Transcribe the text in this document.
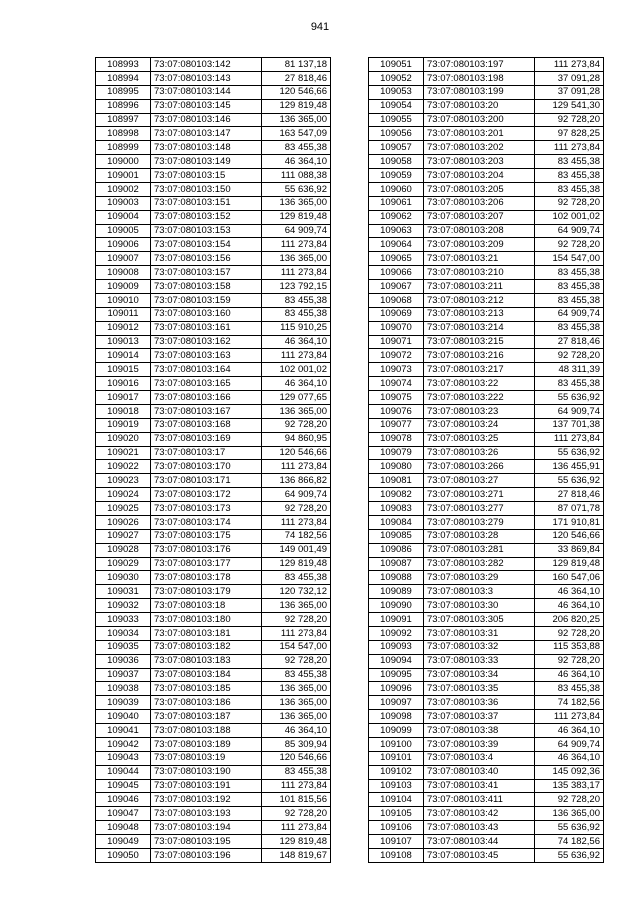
941
108993	73:07:080103:142	81 137,18
108994	73:07:080103:143	27 818,46
108995	73:07:080103:144	120 546,66
108996	73:07:080103:145	129 819,48
108997	73:07:080103:146	136 365,00
108998	73:07:080103:147	163 547,09
108999	73:07:080103:148	83 455,38
109000	73:07:080103:149	46 364,10
109001	73:07:080103:15	111 088,38
109002	73:07:080103:150	55 636,92
109003	73:07:080103:151	136 365,00
109004	73:07:080103:152	129 819,48
109005	73:07:080103:153	64 909,74
109006	73:07:080103:154	111 273,84
109007	73:07:080103:156	136 365,00
109008	73:07:080103:157	111 273,84
109009	73:07:080103:158	123 792,15
109010	73:07:080103:159	83 455,38
109011	73:07:080103:160	83 455,38
109012	73:07:080103:161	115 910,25
109013	73:07:080103:162	46 364,10
109014	73:07:080103:163	111 273,84
109015	73:07:080103:164	102 001,02
109016	73:07:080103:165	46 364,10
109017	73:07:080103:166	129 077,65
109018	73:07:080103:167	136 365,00
109019	73:07:080103:168	92 728,20
109020	73:07:080103:169	94 860,95
109021	73:07:080103:17	120 546,66
109022	73:07:080103:170	111 273,84
109023	73:07:080103:171	136 866,82
109024	73:07:080103:172	64 909,74
109025	73:07:080103:173	92 728,20
109026	73:07:080103:174	111 273,84
109027	73:07:080103:175	74 182,56
109028	73:07:080103:176	149 001,49
109029	73:07:080103:177	129 819,48
109030	73:07:080103:178	83 455,38
109031	73:07:080103:179	120 732,12
109032	73:07:080103:18	136 365,00
109033	73:07:080103:180	92 728,20
109034	73:07:080103:181	111 273,84
109035	73:07:080103:182	154 547,00
109036	73:07:080103:183	92 728,20
109037	73:07:080103:184	83 455,38
109038	73:07:080103:185	136 365,00
109039	73:07:080103:186	136 365,00
109040	73:07:080103:187	136 365,00
109041	73:07:080103:188	46 364,10
109042	73:07:080103:189	85 309,94
109043	73:07:080103:19	120 546,66
109044	73:07:080103:190	83 455,38
109045	73:07:080103:191	111 273,84
109046	73:07:080103:192	101 815,56
109047	73:07:080103:193	92 728,20
109048	73:07:080103:194	111 273,84
109049	73:07:080103:195	129 819,48
109050	73:07:080103:196	148 819,67
109051	73:07:080103:197	111 273,84
109052	73:07:080103:198	37 091,28
109053	73:07:080103:199	37 091,28
109054	73:07:080103:20	129 541,30
109055	73:07:080103:200	92 728,20
109056	73:07:080103:201	97 828,25
109057	73:07:080103:202	111 273,84
109058	73:07:080103:203	83 455,38
109059	73:07:080103:204	83 455,38
109060	73:07:080103:205	83 455,38
109061	73:07:080103:206	92 728,20
109062	73:07:080103:207	102 001,02
109063	73:07:080103:208	64 909,74
109064	73:07:080103:209	92 728,20
109065	73:07:080103:21	154 547,00
109066	73:07:080103:210	83 455,38
109067	73:07:080103:211	83 455,38
109068	73:07:080103:212	83 455,38
109069	73:07:080103:213	64 909,74
109070	73:07:080103:214	83 455,38
109071	73:07:080103:215	27 818,46
109072	73:07:080103:216	92 728,20
109073	73:07:080103:217	48 311,39
109074	73:07:080103:22	83 455,38
109075	73:07:080103:222	55 636,92
109076	73:07:080103:23	64 909,74
109077	73:07:080103:24	137 701,38
109078	73:07:080103:25	111 273,84
109079	73:07:080103:26	55 636,92
109080	73:07:080103:266	136 455,91
109081	73:07:080103:27	55 636,92
109082	73:07:080103:271	27 818,46
109083	73:07:080103:277	87 071,78
109084	73:07:080103:279	171 910,81
109085	73:07:080103:28	120 546,66
109086	73:07:080103:281	33 869,84
109087	73:07:080103:282	129 819,48
109088	73:07:080103:29	160 547,06
109089	73:07:080103:3	46 364,10
109090	73:07:080103:30	46 364,10
109091	73:07:080103:305	206 820,25
109092	73:07:080103:31	92 728,20
109093	73:07:080103:32	115 353,88
109094	73:07:080103:33	92 728,20
109095	73:07:080103:34	46 364,10
109096	73:07:080103:35	83 455,38
109097	73:07:080103:36	74 182,56
109098	73:07:080103:37	111 273,84
109099	73:07:080103:38	46 364,10
109100	73:07:080103:39	64 909,74
109101	73:07:080103:4	46 364,10
109102	73:07:080103:40	145 092,36
109103	73:07:080103:41	135 383,17
109104	73:07:080103:411	92 728,20
109105	73:07:080103:42	136 365,00
109106	73:07:080103:43	55 636,92
109107	73:07:080103:44	74 182,56
109108	73:07:080103:45	55 636,92
